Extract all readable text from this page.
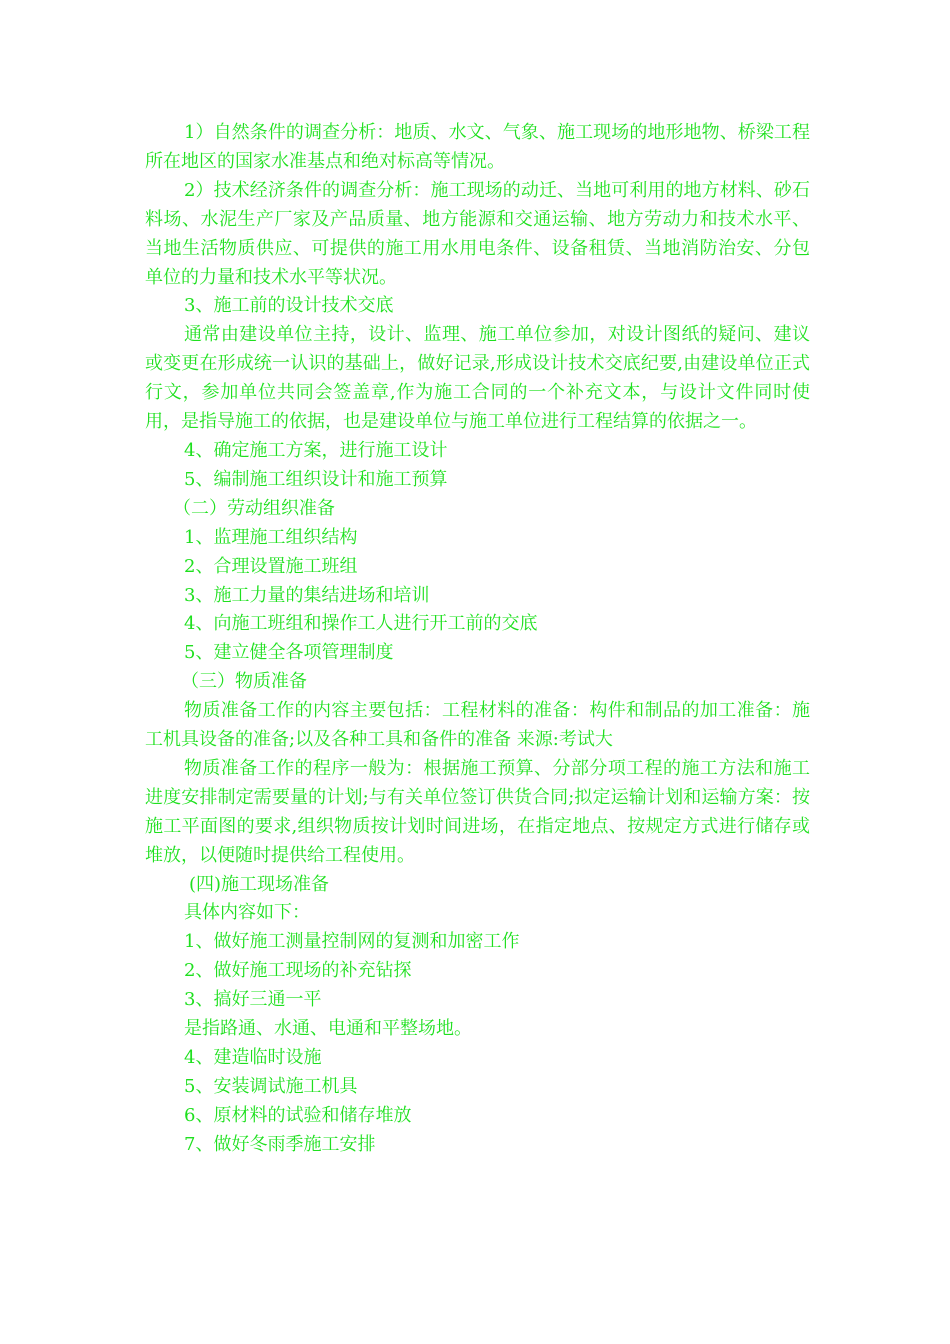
1）自然条件的调查分析：地质、水文、气象、施工现场的地形地物、桥梁工程所在地区的国家水准基点和绝对标高等情况。

2）技术经济条件的调查分析：施工现场的动迁、当地可利用的地方材料、砂石料场、水泥生产厂家及产品质量、地方能源和交通运输、地方劳动力和技术水平、当地生活物质供应、可提供的施工用水用电条件、设备租赁、当地消防治安、分包单位的力量和技术水平等状况。

3、施工前的设计技术交底

通常由建设单位主持，设计、监理、施工单位参加，对设计图纸的疑问、建议或变更在形成统一认识的基础上，做好记录,形成设计技术交底纪要,由建设单位正式行文，参加单位共同会签盖章,作为施工合同的一个补充文本，与设计文件同时使用，是指导施工的依据，也是建设单位与施工单位进行工程结算的依据之一。

4、确定施工方案，进行施工设计

5、编制施工组织设计和施工预算

（二）劳动组织准备

1、监理施工组织结构

2、合理设置施工班组

3、施工力量的集结进场和培训

4、向施工班组和操作工人进行开工前的交底

5、建立健全各项管理制度

（三）物质准备

物质准备工作的内容主要包括：工程材料的准备：构件和制品的加工准备：施工机具设备的准备;以及各种工具和备件的准备 来源:考试大

物质准备工作的程序一般为：根据施工预算、分部分项工程的施工方法和施工进度安排制定需要量的计划;与有关单位签订供货合同;拟定运输计划和运输方案：按施工平面图的要求,组织物质按计划时间进场，在指定地点、按规定方式进行储存或堆放，以便随时提供给工程使用。

(四)施工现场准备

具体内容如下：

1、做好施工测量控制网的复测和加密工作

2、做好施工现场的补充钻探

3、搞好三通一平

是指路通、水通、电通和平整场地。

4、建造临时设施

5、安装调试施工机具

6、原材料的试验和储存堆放

7、做好冬雨季施工安排
